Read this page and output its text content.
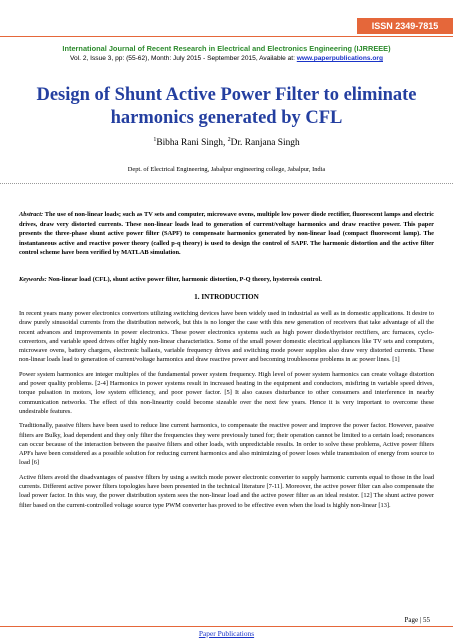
ISSN 2349-7815
International Journal of Recent Research in Electrical and Electronics Engineering (IJRREEE)
Vol. 2, Issue 3, pp: (55-62), Month: July 2015 - September 2015, Available at: www.paperpublications.org
Design of Shunt Active Power Filter to eliminate harmonics generated by CFL
$^1$Bibha Rani Singh, $^2$Dr. Ranjana Singh
Dept. of Electrical Engineering, Jabalpur engineering college, Jabalpur, India
Abstract: The use of non-linear loads; such as TV sets and computer, microwave ovens, multiple low power diode rectifier, fluorescent lamps and electric drives, draw very distorted currents. These non-linear loads lead to generation of current/voltage harmonics and draw reactive power. This paper presents the three-phase shunt active power filter (SAPF) to compensate harmonics generated by non-linear load (compact fluorescent lamp). The instantaneous active and reactive power theory (called p-q theory) is used to design the control of SAPF. The harmonic distortion and the active filter control scheme have been verified by MATLAB simulation.
Keywords: Non-linear load (CFL), shunt active power filter, harmonic distortion, P-Q theory, hysteresis control.
1. INTRODUCTION

In recent years many power electronics convertors utilizing switching devices have been widely used in industrial as well as in domestic applications. It desire to draw purely sinusoidal currents from the distribution network, but this is no longer the case with this new generation of receivers that take advantage of all the recent advances and improvements in power electronics. These power electronics systems such as high power diode/thyristor rectifiers, arc furnaces, cyclo-convertors, and variable speed drives offer highly non-linear characteristics. Some of the small power domestic electrical appliances like TV sets and computers, microwave ovens, battery chargers, electronic ballasts, variable frequency drives and switching mode power supplies also draw very distorted currents. These non-linear loads lead to generation of current/voltage harmonics and draw reactive power and becoming troublesome problems in ac power lines. [1]

Power system harmonics are integer multiples of the fundamental power system frequency. High level of power system harmonics can create voltage distortion and power quality problems. [2-4] Harmonics in power systems result in increased heating in the equipment and conductors, misfiring in variable speed drives, torque pulsation in motors, low system efficiency, and poor power factor. [5] It also causes disturbance to other consumers and interference in nearby communication networks. The effect of this non-linearity could become sizeable over the next few years. Hence it is very important to overcome these undesirable features.

Traditionally, passive filters have been used to reduce line current harmonics, to compensate the reactive power and improve the power factor. However, passive filters are Bulky, load dependent and they only filter the frequencies they were previously tuned for; their operation cannot be limited to a certain load; resonances can occur because of the interaction between the passive filters and other loads, with unpredictable results. In order to solve these problems, Active power filters APFs have been considered as a possible solution for reducing current harmonics and also minimizing of power loses while transmission of energy from source to load [6]

Active filters avoid the disadvantages of passive filters by using a switch mode power electronic converter to supply harmonic currents equal to those in the load currents. Different active power filters topologies have been presented in the technical literature [7-11]. Moreover, the active power filter can also compensate the load power factor. In this way, the power distribution system sees the non-linear load and the active power filter as an ideal resistor. [12] The shunt active power filter based on the current-controlled voltage source type PWM converter has proved to be effective even when the load is highly non-linear [13].

Page | 55
Paper Publications
